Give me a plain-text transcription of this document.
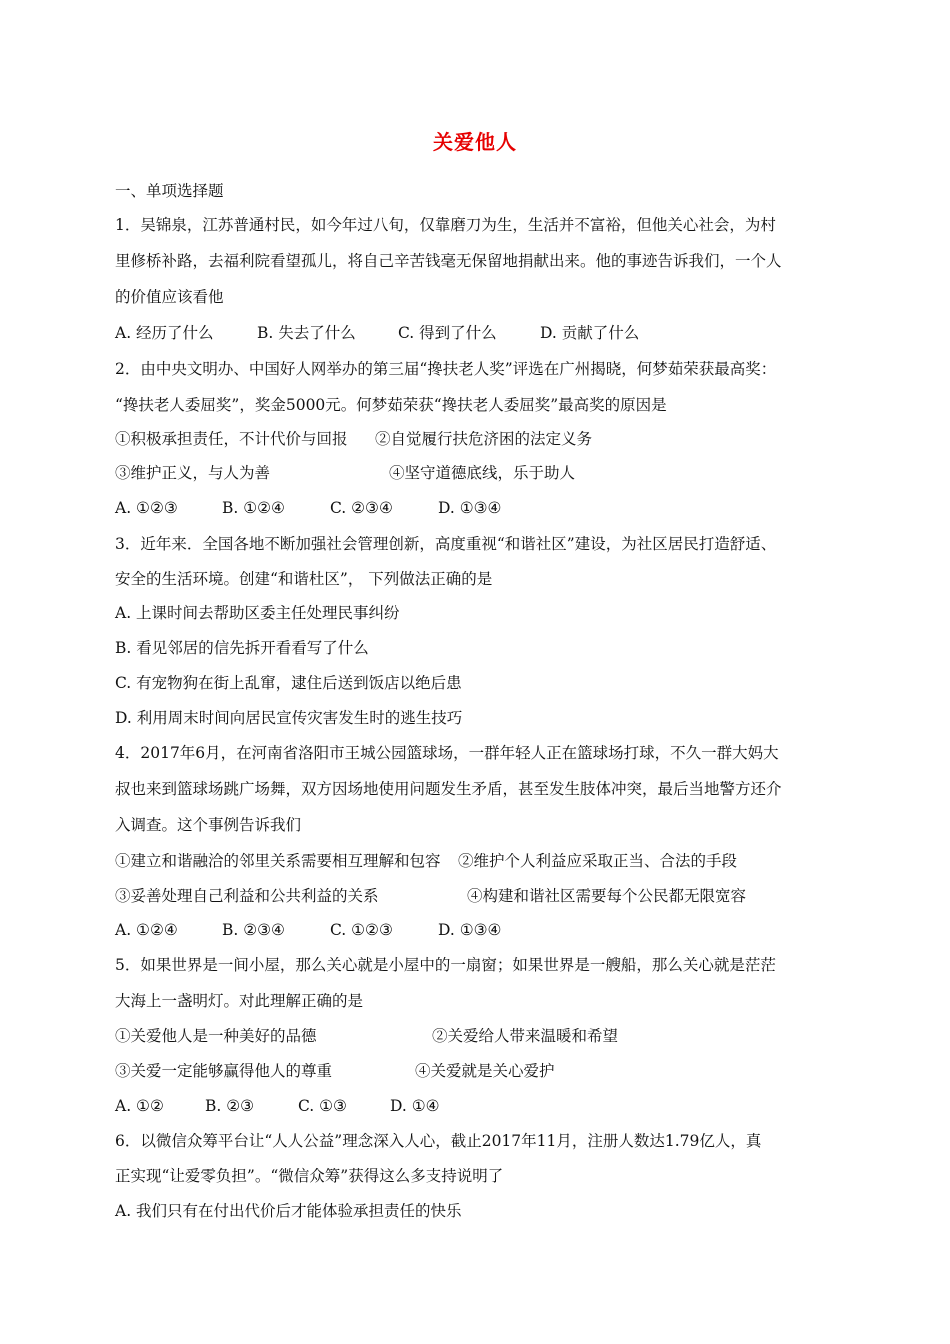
关爱他人
一、单项选择题
1．吴锦泉，江苏普通村民，如今年过八旬，仅靠磨刀为生，生活并不富裕，但他关心社会，为村
里修桥补路，去福利院看望孤儿，将自己辛苦钱毫无保留地捐献出来。他的事迹告诉我们，一个人
的价值应该看他
A. 经历了什么	B. 失去了什么	C. 得到了什么	D. 贡献了什么
2．由中央文明办、中国好人网举办的第三届“搀扶老人奖”评选在广州揭晓，何梦茹荣获最高奖：
“搀扶老人委屈奖”，奖金5000元。何梦茹荣获“搀扶老人委屈奖”最高奖的原因是
①积极承担责任，不计代价与回报 ②自觉履行扶危济困的法定义务
③维护正义，与人为善	④坚守道德底线，乐于助人
A. ①②③	B. ①②④	C. ②③④	D. ①③④
3．近年来．全国各地不断加强社会管理创新，高度重视“和谐社区”建设，为社区居民打造舒适、
安全的生活环境。创建“和谐杜区”， 下列做法正确的是
A. 上课时间去帮助区委主任处理民事纠纷
B. 看见邻居的信先拆开看看写了什么
C. 有宠物狗在街上乱窜，逮住后送到饭店以绝后患
D. 利用周末时间向居民宣传灾害发生时的逃生技巧
4．2017年6月，在河南省洛阳市王城公园篮球场，一群年轻人正在篮球场打球，不久一群大妈大
叔也来到篮球场跳广场舞，双方因场地使用问题发生矛盾，甚至发生肢体冲突，最后当地警方还介
入调查。这个事例告诉我们
①建立和谐融洽的邻里关系需要相互理解和包容 ②维护个人利益应采取正当、合法的手段
③妥善处理自己利益和公共利益的关系	④构建和谐社区需要每个公民都无限宽容
A. ①②④	B. ②③④	C. ①②③	D. ①③④
5．如果世界是一间小屋，那么关心就是小屋中的一扇窗；如果世界是一艘船，那么关心就是茫茫
大海上一盏明灯。对此理解正确的是
①关爱他人是一种美好的品德	②关爱给人带来温暖和希望
③关爱一定能够赢得他人的尊重	④关爱就是关心爱护
A. ①②	B. ②③	C. ①③	D. ①④
6．以微信众筹平台让“人人公益”理念深入人心，截止2017年11月，注册人数达1.79亿人，真
正实现“让爱零负担”。“微信众筹”获得这么多支持说明了
A. 我们只有在付出代价后才能体验承担责任的快乐
